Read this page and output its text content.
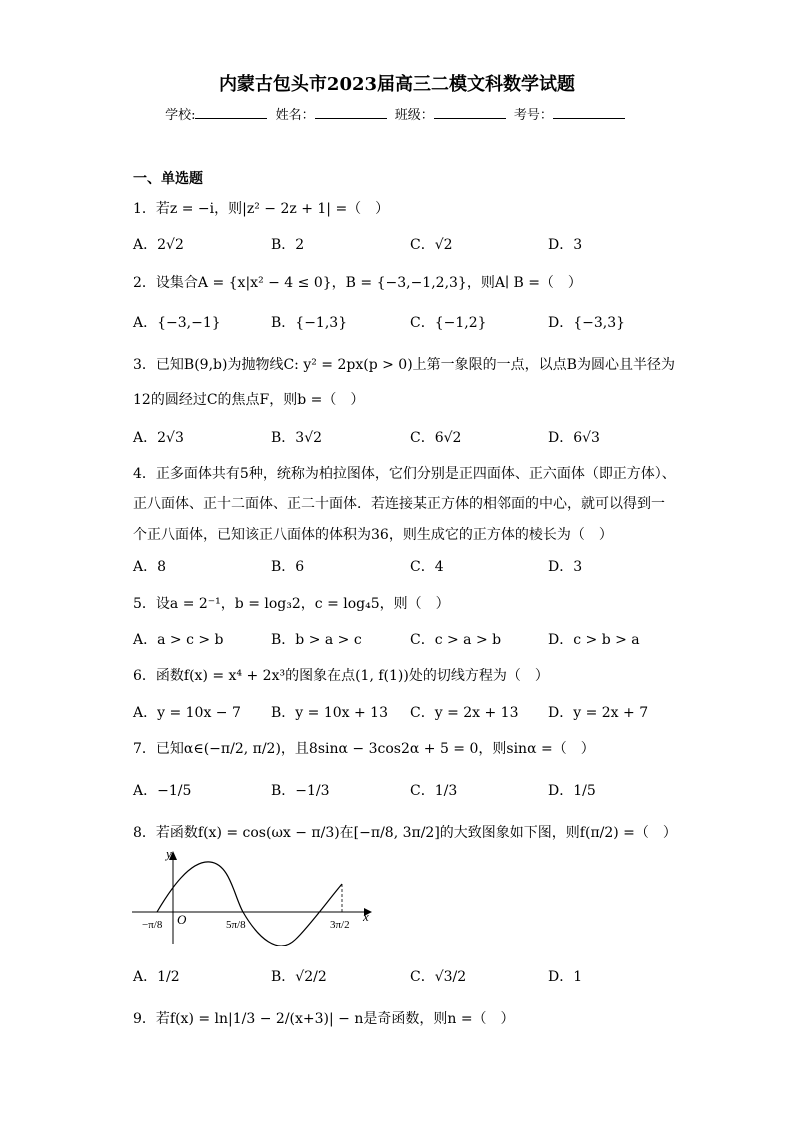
内蒙古包头市2023届高三二模文科数学试题
学校:	姓名：	班级：	考号：
一、单选题
1．若z = −i，则|z² − 2z + 1| =（　）
A．2√2	B．2	C．√2	D．3
2．设集合A = {x|x² − 4 ≤ 0}，B = {−3,−1,2,3}，则A∣ B =（　）
A．{−3,−1}	B．{−1,3}	C．{−1,2}	D．{−3,3}
3．已知B(9,b)为抛物线C: y² = 2px(p > 0)上第一象限的一点，以点B为圆心且半径为
12的圆经过C的焦点F，则b =（　）
A．2√3	B．3√2	C．6√2	D．6√3
4．正多面体共有5种，统称为柏拉图体，它们分别是正四面体、正六面体（即正方体）、
正八面体、正十二面体、正二十面体．若连接某正方体的相邻面的中心，就可以得到一
个正八面体，已知该正八面体的体积为36，则生成它的正方体的棱长为（　）
A．8	B．6	C．4	D．3
5．设a = 2⁻¹，b = log₃2，c = log₄5，则（　）
A．a > c > b	B．b > a > c	C．c > a > b	D．c > b > a
6．函数f(x) = x⁴ + 2x³的图象在点(1, f(1))处的切线方程为（　）
A．y = 10x − 7 B．y = 10x + 13 C．y = 2x + 13 D．y = 2x + 7
7．已知α∈(−π/2, π/2)，且8sinα − 3cos2α + 5 = 0，则sinα =（　）
A．−1/5	B．−1/3	C．1/3	D．1/5
8．若函数f(x) = cos(ωx − π/3)在[−π/8, 3π/2]的大致图象如下图，则f(π/2) =（　）
y
x
O
−π/8	5π/8	3π/2
A．1/2	B．√2/2	C．√3/2	D．1
9．若f(x) = ln|1/3 − 2/(x+3)| − n是奇函数，则n =（　）
